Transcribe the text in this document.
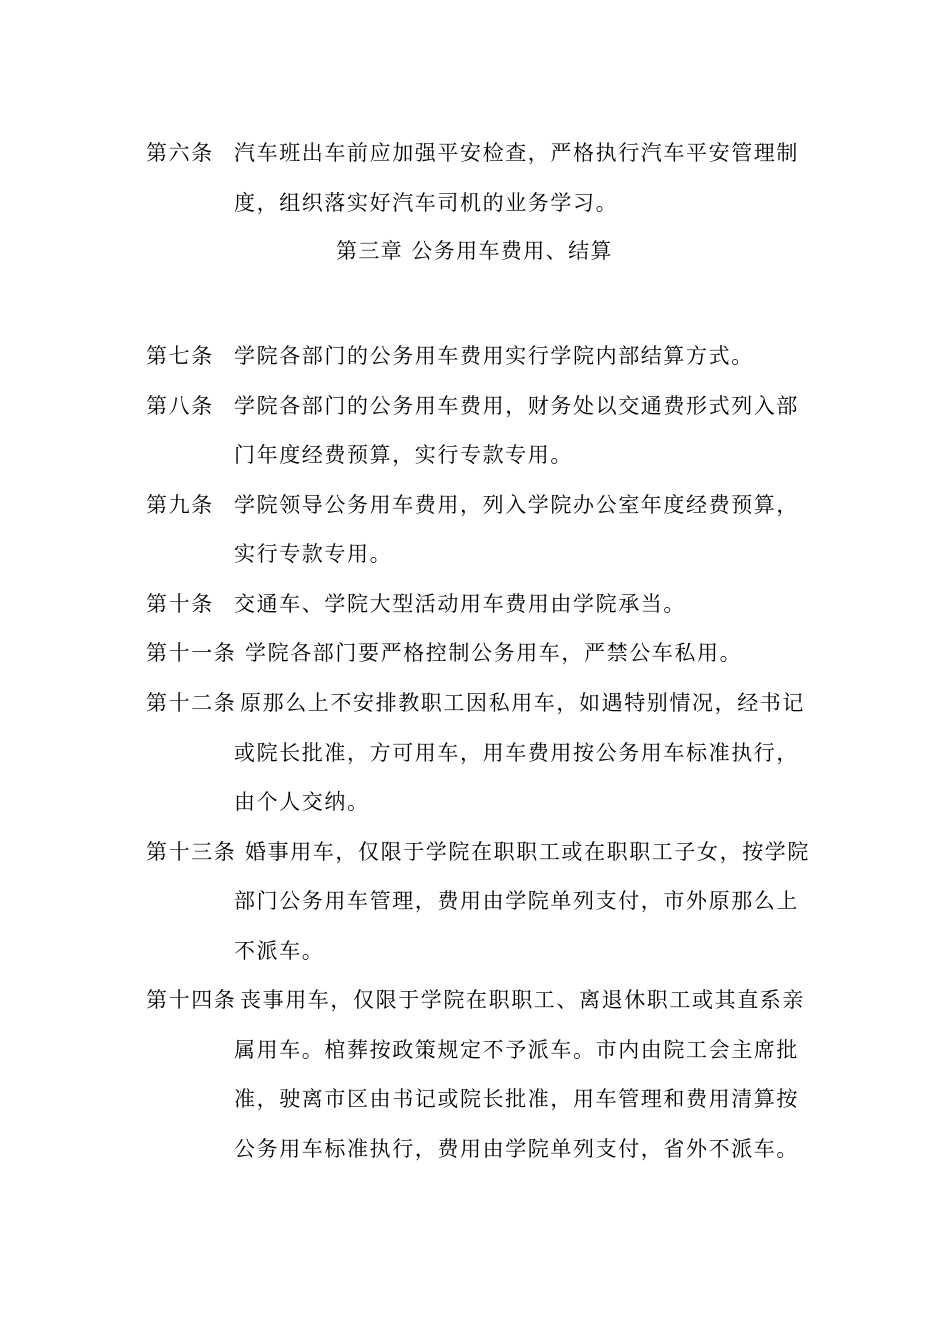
第六条 汽车班出车前应加强平安检查，严格执行汽车平安管理制
度，组织落实好汽车司机的业务学习。
第三章 公务用车费用、结算
第七条 学院各部门的公务用车费用实行学院内部结算方式。
第八条 学院各部门的公务用车费用，财务处以交通费形式列入部
门年度经费预算，实行专款专用。
第九条 学院领导公务用车费用，列入学院办公室年度经费预算，
实行专款专用。
第十条 交通车、学院大型活动用车费用由学院承当。
第十一条 学院各部门要严格控制公务用车，严禁公车私用。
第十二条 原那么上不安排教职工因私用车，如遇特别情况，经书记
或院长批准，方可用车，用车费用按公务用车标准执行，
由个人交纳。
第十三条 婚事用车，仅限于学院在职职工或在职职工子女，按学院
部门公务用车管理，费用由学院单列支付，市外原那么上
不派车。
第十四条 丧事用车，仅限于学院在职职工、离退休职工或其直系亲
属用车。棺葬按政策规定不予派车。市内由院工会主席批
准，驶离市区由书记或院长批准，用车管理和费用清算按
公务用车标准执行，费用由学院单列支付，省外不派车。
